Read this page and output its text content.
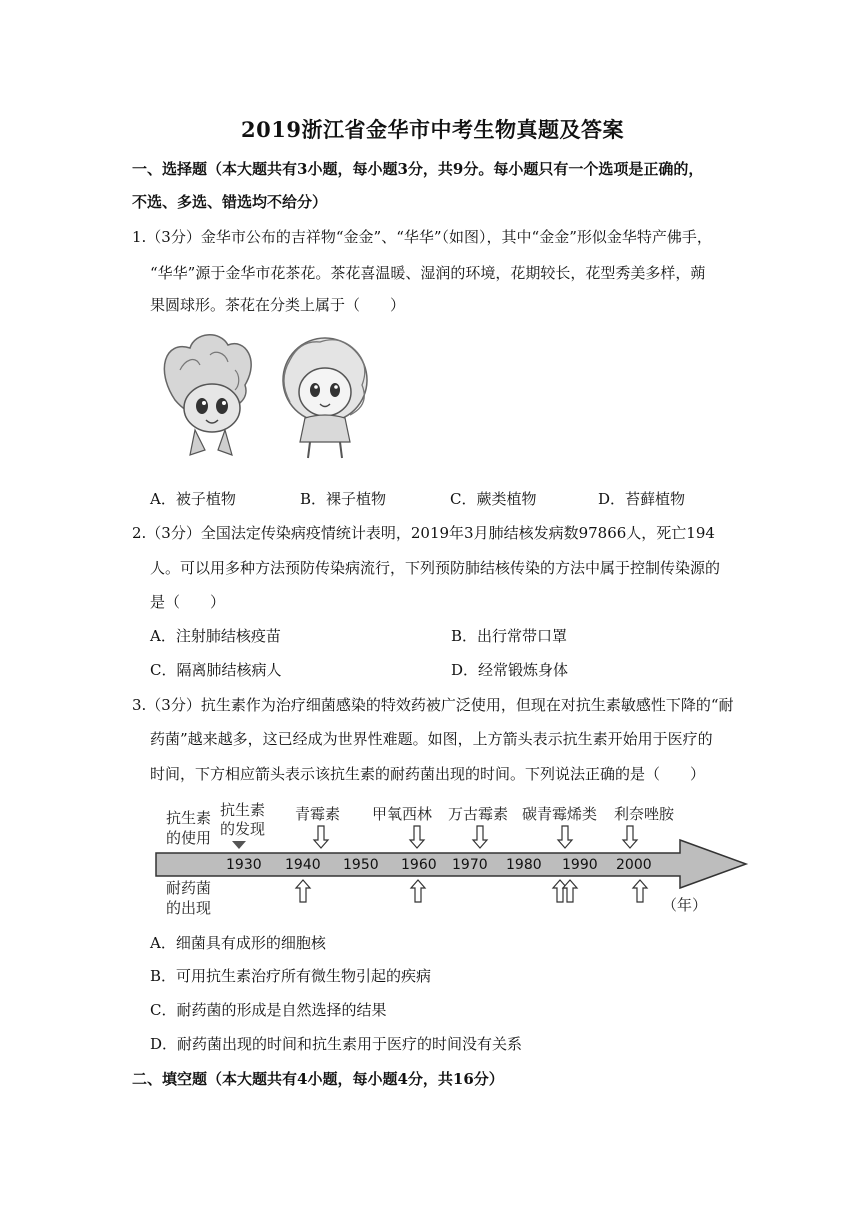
2019浙江省金华市中考生物真题及答案
一、选择题（本大题共有3小题，每小题3分，共9分。每小题只有一个选项是正确的，
不选、多选、错选均不给分）
1.（3分）金华市公布的吉祥物“金金”、“华华”（如图），其中“金金”形似金华特产佛手，
“华华”源于金华市花茶花。茶花喜温暖、湿润的环境，花期较长，花型秀美多样，蒴
果圆球形。茶花在分类上属于（　　）
A．被子植物	B．裸子植物	C．蕨类植物	D．苔藓植物
2.（3分）全国法定传染病疫情统计表明，2019年3月肺结核发病数97866人，死亡194
人。可以用多种方法预防传染病流行，下列预防肺结核传染的方法中属于控制传染源的
是（　　）
A．注射肺结核疫苗	B．出行常带口罩
C．隔离肺结核病人	D．经常锻炼身体
3.（3分）抗生素作为治疗细菌感染的特效药被广泛使用，但现在对抗生素敏感性下降的“耐
药菌”越来越多，这已经成为世界性难题。如图，上方箭头表示抗生素开始用于医疗的
时间，下方相应箭头表示该抗生素的耐药菌出现的时间。下列说法正确的是（　　）
抗生素
的使用
耐药菌
的出现
抗生素
的发现
青霉素 甲氧西林 万古霉素 碳青霉烯类 利奈唑胺
1930 1940 1950 1960 1970 1980 1990 2000
（年）
A．细菌具有成形的细胞核
B．可用抗生素治疗所有微生物引起的疾病
C．耐药菌的形成是自然选择的结果
D．耐药菌出现的时间和抗生素用于医疗的时间没有关系
二、填空题（本大题共有4小题，每小题4分，共16分）
